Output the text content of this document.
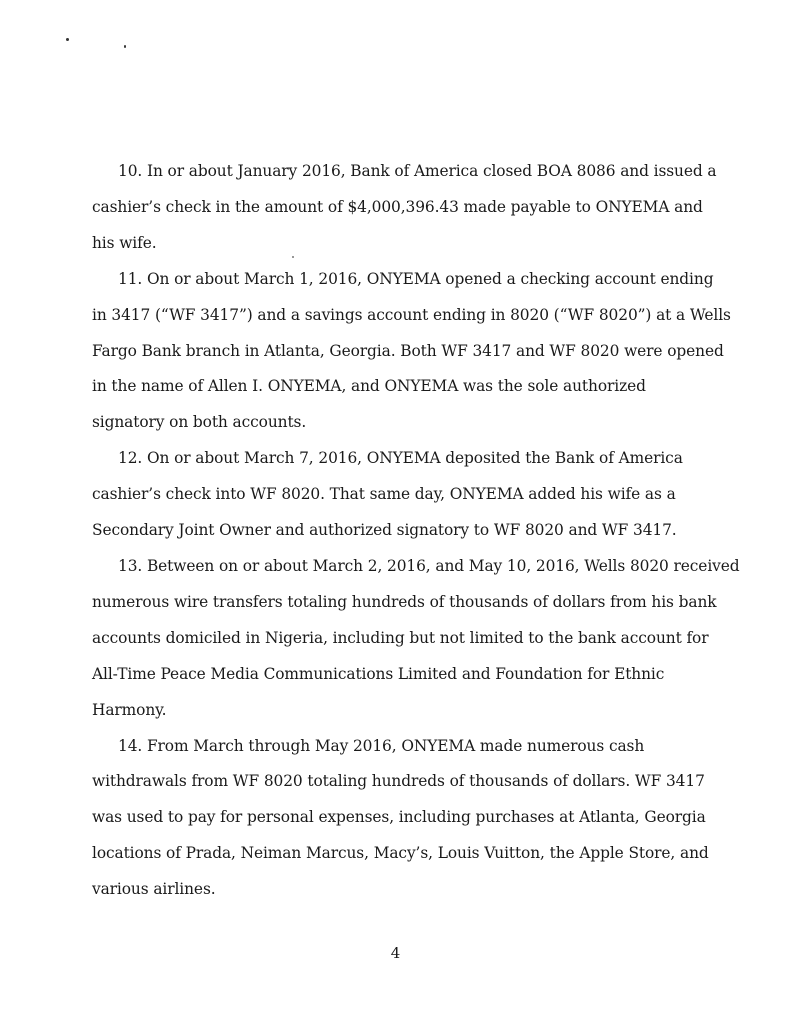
10. In or about January 2016, Bank of America closed BOA 8086 and issued a
cashier’s check in the amount of $4,000,396.43 made payable to ONYEMA and
his wife.

11. On or about March 1, 2016, ONYEMA opened a checking account ending
in 3417 (“WF 3417”) and a savings account ending in 8020 (“WF 8020”) at a Wells
Fargo Bank branch in Atlanta, Georgia. Both WF 3417 and WF 8020 were opened
in the name of Allen I. ONYEMA, and ONYEMA was the sole authorized
signatory on both accounts.

12. On or about March 7, 2016, ONYEMA deposited the Bank of America
cashier’s check into WF 8020. That same day, ONYEMA added his wife as a
Secondary Joint Owner and authorized signatory to WF 8020 and WF 3417.

13. Between on or about March 2, 2016, and May 10, 2016, Wells 8020 received
numerous wire transfers totaling hundreds of thousands of dollars from his bank
accounts domiciled in Nigeria, including but not limited to the bank account for
All-Time Peace Media Communications Limited and Foundation for Ethnic
Harmony.

14. From March through May 2016, ONYEMA made numerous cash
withdrawals from WF 8020 totaling hundreds of thousands of dollars. WF 3417
was used to pay for personal expenses, including purchases at Atlanta, Georgia
locations of Prada, Neiman Marcus, Macy’s, Louis Vuitton, the Apple Store, and
various airlines.

4
